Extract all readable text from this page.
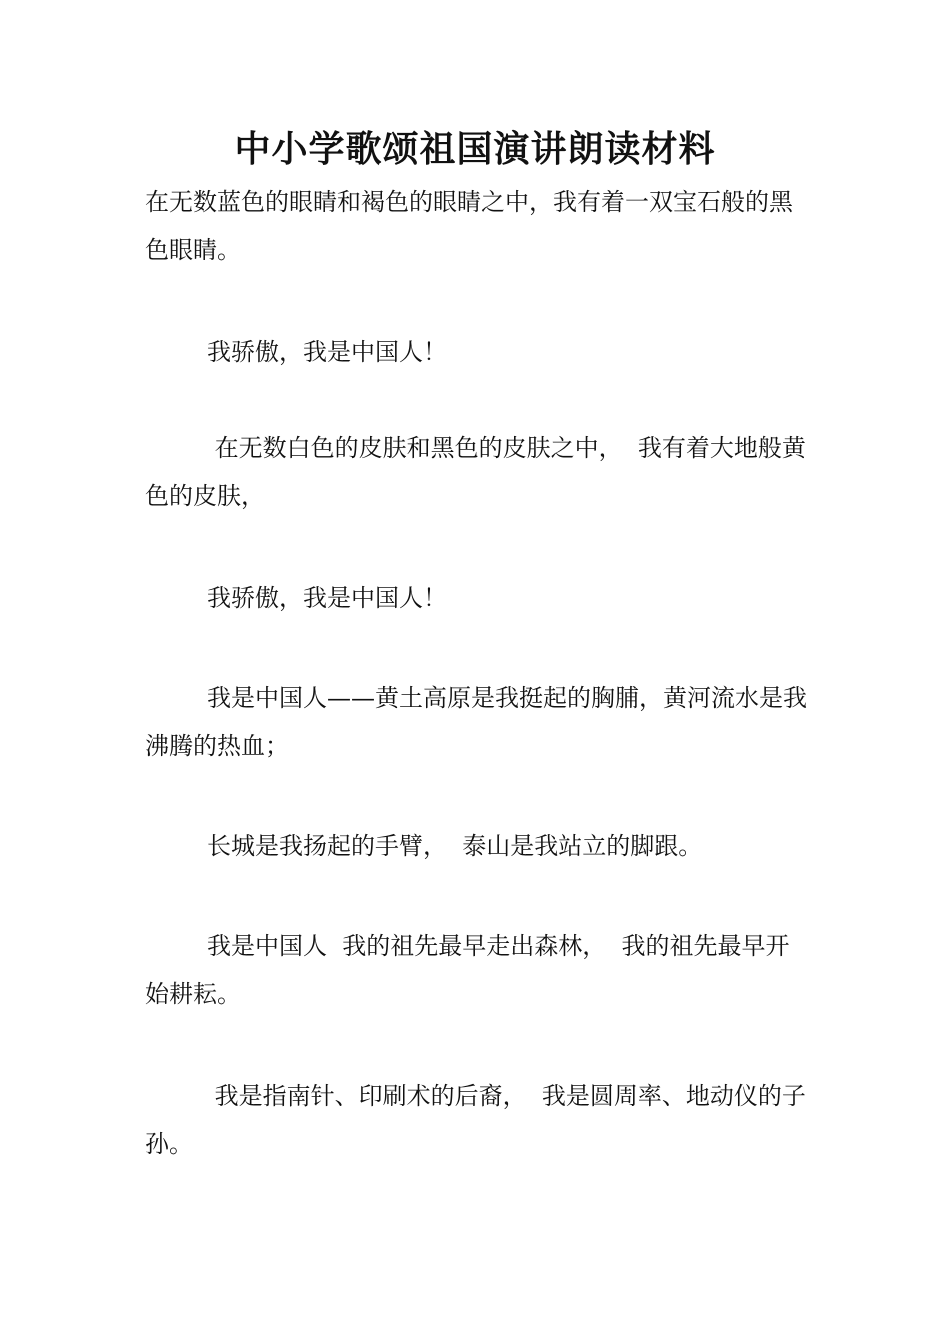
中小学歌颂祖国演讲朗读材料

在无数蓝色的眼睛和褐色的眼睛之中，我有着一双宝石般的黑色眼睛。

我骄傲，我是中国人！

在无数白色的皮肤和黑色的皮肤之中，  我有着大地般黄色的皮肤，

我骄傲，我是中国人！

我是中国人——黄土高原是我挺起的胸脯，黄河流水是我沸腾的热血；

长城是我扬起的手臂，  泰山是我站立的脚跟。

我是中国人  我的祖先最早走出森林，  我的祖先最早开始耕耘。

我是指南针、印刷术的后裔，  我是圆周率、地动仪的子孙。
